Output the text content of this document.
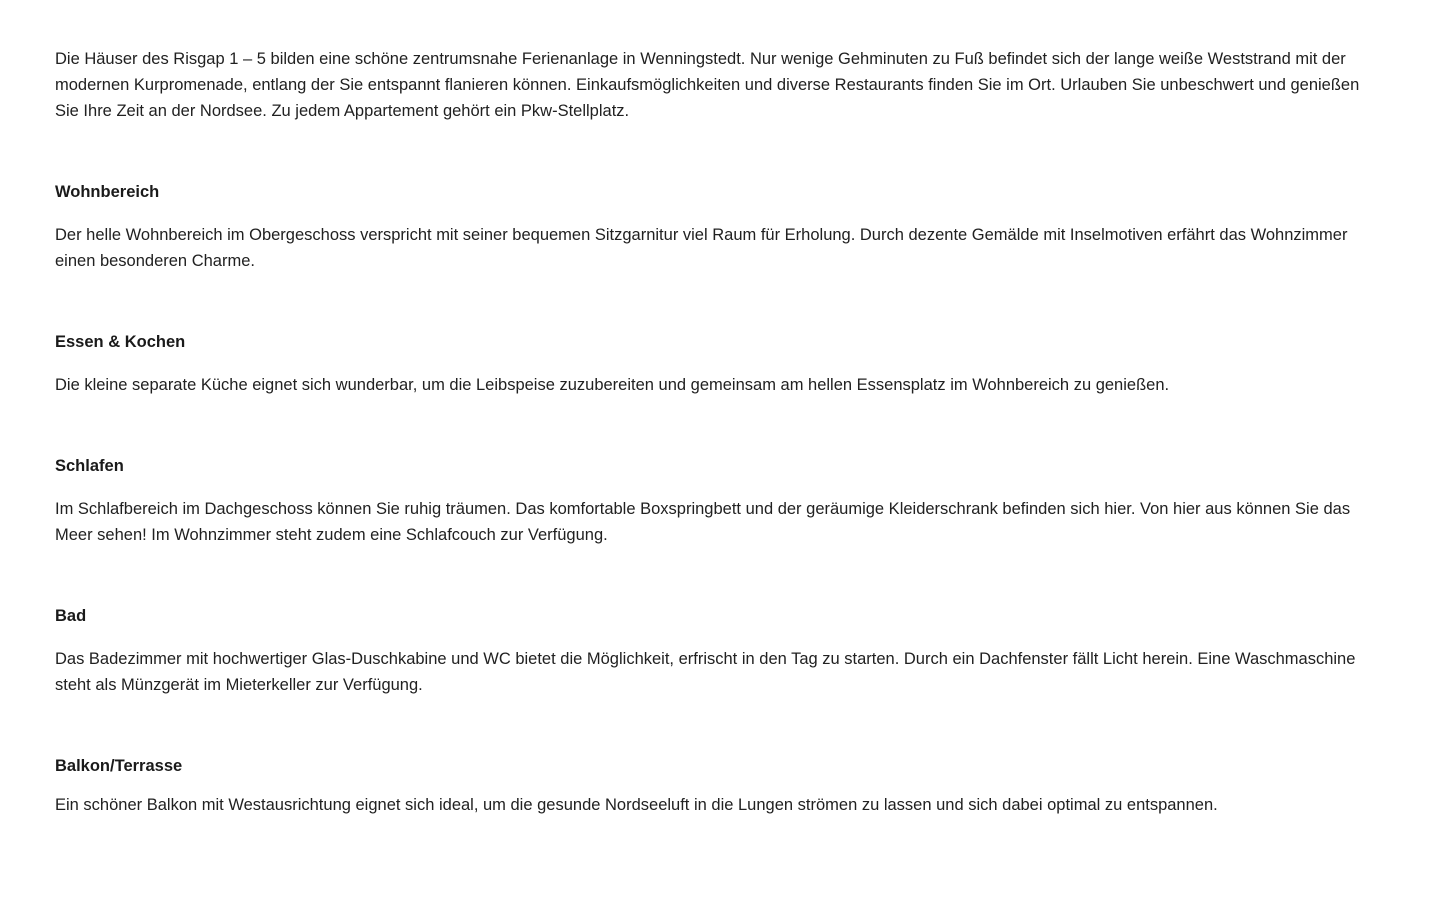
Die Häuser des Risgap 1 – 5 bilden eine schöne zentrumsnahe Ferienanlage in Wenningstedt. Nur wenige Gehminuten zu Fuß befindet sich der lange weiße Weststrand mit der modernen Kurpromenade, entlang der Sie entspannt flanieren können. Einkaufsmöglichkeiten und diverse Restaurants finden Sie im Ort. Urlauben Sie unbeschwert und genießen Sie Ihre Zeit an der Nordsee. Zu jedem Appartement gehört ein Pkw-Stellplatz.

Wohnbereich

Der helle Wohnbereich im Obergeschoss verspricht mit seiner bequemen Sitzgarnitur viel Raum für Erholung. Durch dezente Gemälde mit Inselmotiven erfährt das Wohnzimmer einen besonderen Charme.

Essen & Kochen

Die kleine separate Küche eignet sich wunderbar, um die Leibspeise zuzubereiten und gemeinsam am hellen Essensplatz im Wohnbereich zu genießen.

Schlafen

Im Schlafbereich im Dachgeschoss können Sie ruhig träumen. Das komfortable Boxspringbett und der geräumige Kleiderschrank befinden sich hier. Von hier aus können Sie das Meer sehen! Im Wohnzimmer steht zudem eine Schlafcouch zur Verfügung.

Bad

Das Badezimmer mit hochwertiger Glas-Duschkabine und WC bietet die Möglichkeit, erfrischt in den Tag zu starten. Durch ein Dachfenster fällt Licht herein. Eine Waschmaschine steht als Münzgerät im Mieterkeller zur Verfügung.

Balkon/Terrasse

Ein schöner Balkon mit Westausrichtung eignet sich ideal, um die gesunde Nordseeluft in die Lungen strömen zu lassen und sich dabei optimal zu entspannen.
